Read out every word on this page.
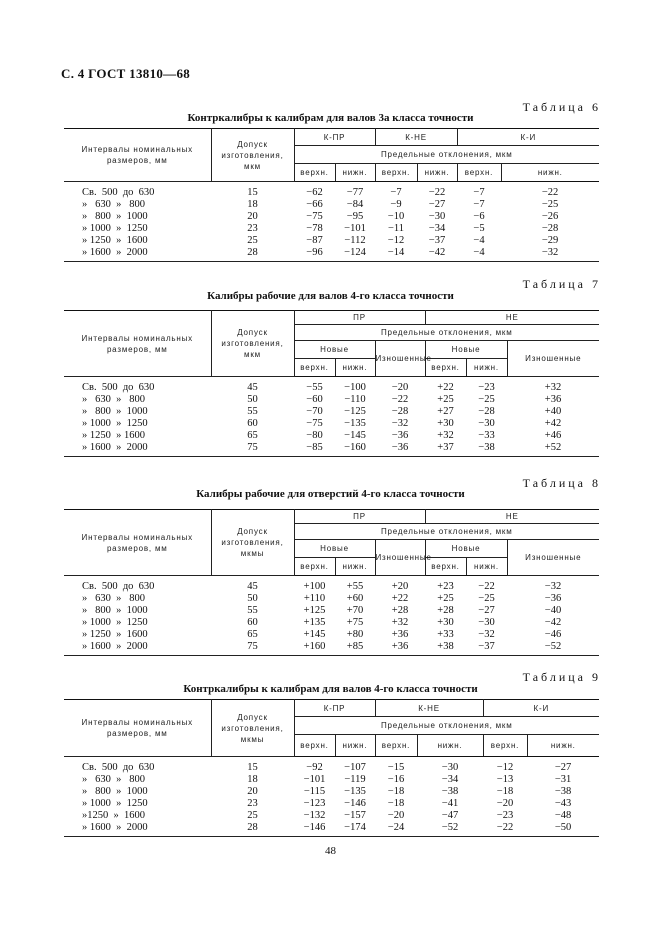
С. 4 ГОСТ 13810—68
Таблица 6
Контркалибры к калибрам для валов 3а класса точности
Интервалы номинальных размеров, мм	Допуск изготовления, мкм	К-ПР		К-НЕ		К-И	
		Предельные отклонения, мкм					
		верхн.	нижн.	верхн.	нижн.	верхн.	нижн.
Св.  500  до  630	15	−62	−77	−7	−22	−7	−22
»   630  »   800	18	−66	−84	−9	−27	−7	−25
»   800  »  1000	20	−75	−95	−10	−30	−6	−26
» 1000  »  1250	23	−78	−101	−11	−34	−5	−28
» 1250  »  1600	25	−87	−112	−12	−37	−4	−29
» 1600  »  2000	28	−96	−124	−14	−42	−4	−32
Таблица 7
Калибры рабочие для валов 4-го класса точности
Интервалы номинальных размеров, мм	Допуск изготовления, мкм	ПР			НЕ		
		Предельные отклонения, мкм					
		Новые		Изношенные	Новые		Изношенные
		верхн.	нижн.		верхн.	нижн.	
Св.  500  до  630	45	−55	−100	−20	+22	−23	+32
»   630  »   800	50	−60	−110	−22	+25	−25	+36
»   800  »  1000	55	−70	−125	−28	+27	−28	+40
» 1000  »  1250	60	−75	−135	−32	+30	−30	+42
» 1250  » 1600	65	−80	−145	−36	+32	−33	+46
» 1600  »  2000	75	−85	−160	−36	+37	−38	+52
Таблица 8
Калибры рабочие для отверстий 4-го класса точности
Интервалы номинальных размеров, мм	Допуск изготовления, мкмы	ПР			НЕ		
		Предельные отклонения, мкм					
		Новые		Изношенные	Новые		Изношенные
		верхн.	нижн.		верхн.	нижн.	
Св.  500  до  630	45	+100	+55	+20	+23	−22	−32
»   630  »   800	50	+110	+60	+22	+25	−25	−36
»   800  »  1000	55	+125	+70	+28	+28	−27	−40
» 1000  »  1250	60	+135	+75	+32	+30	−30	−42
» 1250  »  1600	65	+145	+80	+36	+33	−32	−46
» 1600  »  2000	75	+160	+85	+36	+38	−37	−52
Таблица 9
Контркалибры к калибрам для валов 4-го класса точности
Интервалы номинальных размеров, мм	Допуск изготовления, мкмы	К-ПР		К-НЕ		К-И	
		Предельные отклонения, мкм					
		верхн.	нижн.	верхн.	нижн.	верхн.	нижн.
Св.  500  до  630	15	−92	−107	−15	−30	−12	−27
»   630  »   800	18	−101	−119	−16	−34	−13	−31
»   800  »  1000	20	−115	−135	−18	−38	−18	−38
» 1000  »  1250	23	−123	−146	−18	−41	−20	−43
»1250  »  1600	25	−132	−157	−20	−47	−23	−48
» 1600  »  2000	28	−146	−174	−24	−52	−22	−50
48
